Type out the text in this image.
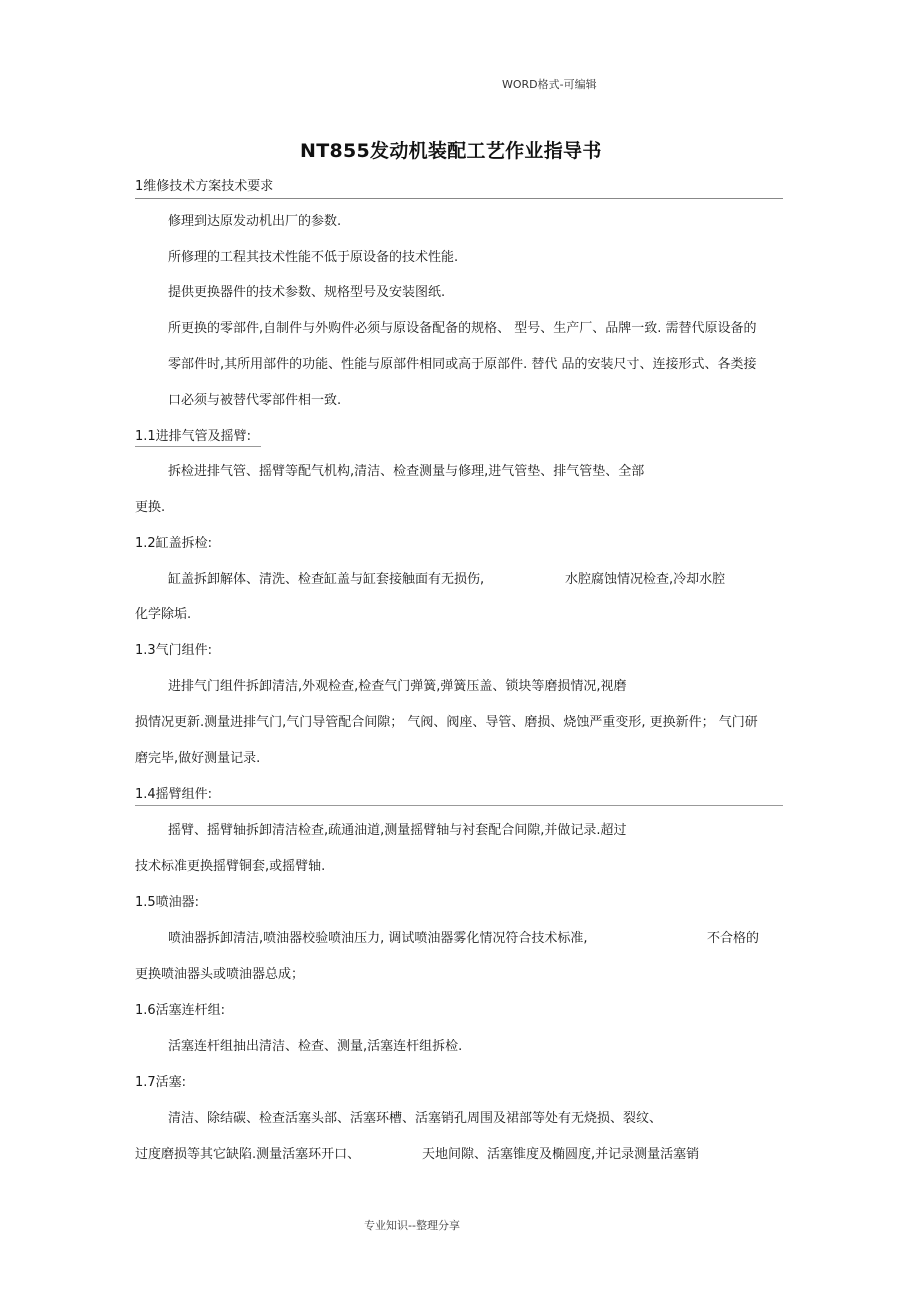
WORD格式-可编辑
NT855发动机装配工艺作业指导书
1维修技术方案技术要求
修理到达原发动机出厂的参数.
所修理的工程其技术性能不低于原设备的技术性能.
提供更换器件的技术参数、规格型号及安装图纸.
所更换的零部件,自制件与外购件必须与原设备配备的规格、 型号、生产厂、品牌一致. 需替代原设备的
零部件时,其所用部件的功能、性能与原部件相同或高于原部件. 替代 品的安装尺寸、连接形式、各类接
口必须与被替代零部件相一致.
1.1进排气管及摇臂:
拆检进排气管、摇臂等配气机构,清洁、检查测量与修理,进气管垫、排气管垫、全部
更换.
1.2缸盖拆检:
缸盖拆卸解体、清洗、检查缸盖与缸套接触面有无损伤,	水腔腐蚀情况检查,冷却水腔
化学除垢.
1.3气门组件:
进排气门组件拆卸清洁,外观检查,检查气门弹簧,弹簧压盖、锁块等磨损情况,视磨
损情况更新.测量进排气门,气门导管配合间隙； 气阀、阀座、导管、磨损、烧蚀严重变形, 更换新件； 气门研
磨完毕,做好测量记录.
1.4摇臂组件:
摇臂、摇臂轴拆卸清洁检查,疏通油道,测量摇臂轴与衬套配合间隙,并做记录.超过
技术标准更换摇臂铜套,或摇臂轴.
1.5喷油器:
喷油器拆卸清洁,喷油器校验喷油压力, 调试喷油器雾化情况符合技术标准,	不合格的
更换喷油器头或喷油器总成；
1.6活塞连杆组:
活塞连杆组抽出清洁、检查、测量,活塞连杆组拆检.
1.7活塞:
清洁、除结碳、检查活塞头部、活塞环槽、活塞销孔周围及裙部等处有无烧损、裂纹、
过度磨损等其它缺陷.测量活塞环开口、	天地间隙、活塞锥度及椭圆度,并记录测量活塞销
专业知识--整理分享
